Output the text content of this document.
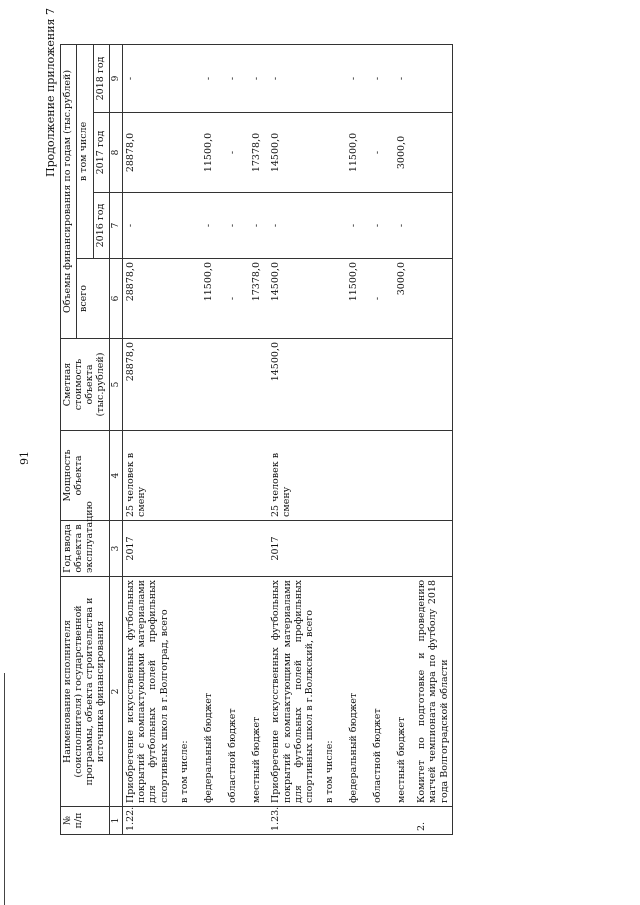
91
Продолжение приложения 7
№ п/п	Наименование исполнителя (соисполнителя) государственной программы, объекта строительства и источника финансирования	Год ввода объекта в эксплуатацию	Мощность объекта	Сметная стоимость объекта (тыс.рублей)	Объемы финансирования по годам (тыс.рублей)			
					всего	в том числе		
						2016 год	2017 год	2018 год
1	2	3	4	5	6	7	8	9
1.22.	Приобретение искусственных футбольных покрытий с компактующими материалами для футбольных полей профильных спортивных школ в г.Волгоград, всего	2017	25 человек в смену	28878,0	28878,0	-	28878,0	-
	в том числе:							
	федеральный бюджет				11500,0	-	11500,0	-
	областной бюджет				-	-	-	-
	местный бюджет				17378,0	-	17378,0	-
1.23.	Приобретение искусственных футбольных покрытий с компактующими материалами для футбольных полей профильных спортивных школ в г.Волжский, всего	2017	25 человек в смену	14500,0	14500,0	-	14500,0	-
	в том числе:							
	федеральный бюджет				11500,0	-	11500,0	-
	областной бюджет				-	-	-	-
	местный бюджет				3000,0	-	3000,0	-
2.	Комитет по подготовке и проведению матчей чемпионата мира по футболу 2018 года Волгоградской области							
